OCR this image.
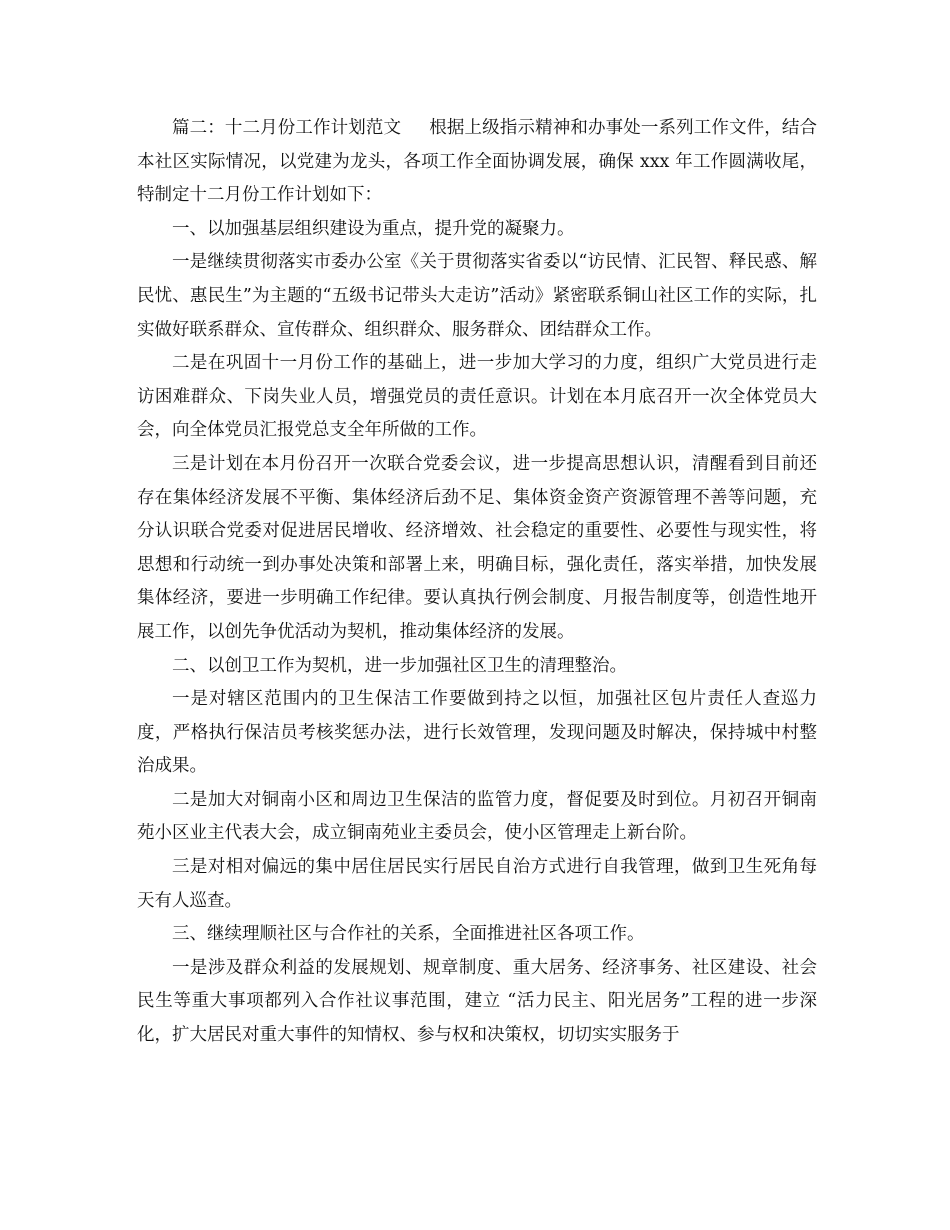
篇二：十二月份工作计划范文 根据上级指示精神和办事处一系列工作文件，结合本社区实际情况，以党建为龙头，各项工作全面协调发展，确保 xxx 年工作圆满收尾，特制定十二月份工作计划如下：

一、以加强基层组织建设为重点，提升党的凝聚力。

一是继续贯彻落实市委办公室《关于贯彻落实省委以“访民情、汇民智、释民惑、解民忧、惠民生”为主题的“五级书记带头大走访”活动》紧密联系铜山社区工作的实际，扎实做好联系群众、宣传群众、组织群众、服务群众、团结群众工作。

二是在巩固十一月份工作的基础上，进一步加大学习的力度，组织广大党员进行走访困难群众、下岗失业人员，增强党员的责任意识。计划在本月底召开一次全体党员大会，向全体党员汇报党总支全年所做的工作。

三是计划在本月份召开一次联合党委会议，进一步提高思想认识，清醒看到目前还存在集体经济发展不平衡、集体经济后劲不足、集体资金资产资源管理不善等问题，充分认识联合党委对促进居民增收、经济增效、社会稳定的重要性、必要性与现实性，将思想和行动统一到办事处决策和部署上来，明确目标，强化责任，落实举措，加快发展集体经济，要进一步明确工作纪律。要认真执行例会制度、月报告制度等，创造性地开展工作，以创先争优活动为契机，推动集体经济的发展。

二、以创卫工作为契机，进一步加强社区卫生的清理整治。

一是对辖区范围内的卫生保洁工作要做到持之以恒，加强社区包片责任人查巡力度，严格执行保洁员考核奖惩办法，进行长效管理，发现问题及时解决，保持城中村整治成果。

二是加大对铜南小区和周边卫生保洁的监管力度，督促要及时到位。月初召开铜南苑小区业主代表大会，成立铜南苑业主委员会，使小区管理走上新台阶。

三是对相对偏远的集中居住居民实行居民自治方式进行自我管理，做到卫生死角每天有人巡查。

三、继续理顺社区与合作社的关系，全面推进社区各项工作。

一是涉及群众利益的发展规划、规章制度、重大居务、经济事务、社区建设、社会民生等重大事项都列入合作社议事范围，建立 “活力民主、阳光居务”工程的进一步深化，扩大居民对重大事件的知情权、参与权和决策权，切切实实服务于
